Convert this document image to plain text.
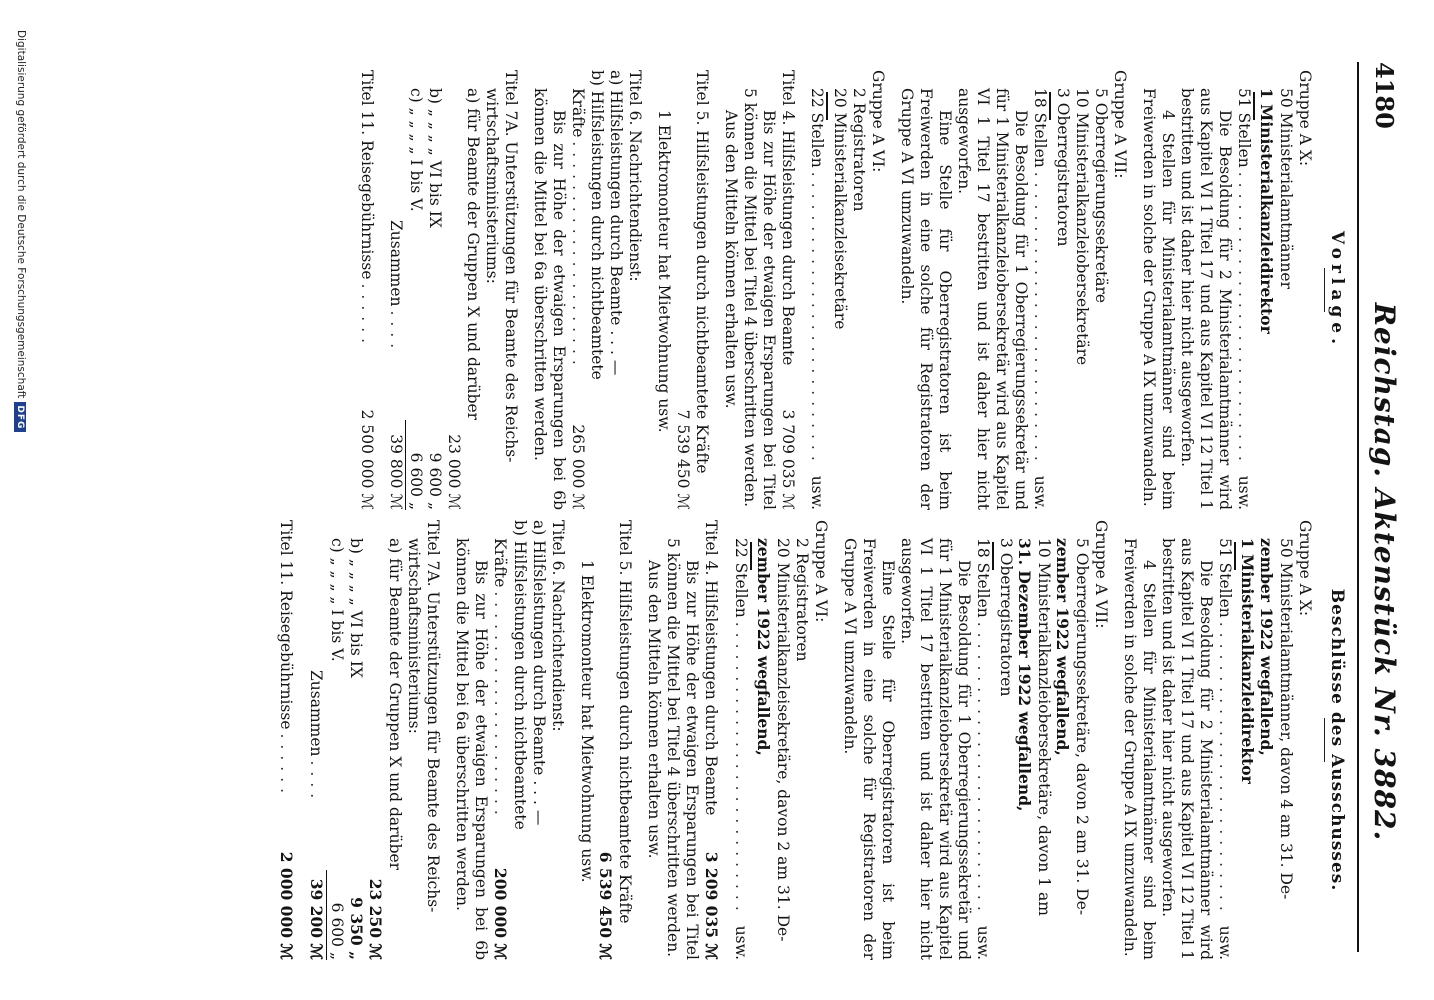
4180
Reichstag. Aktenstück Nr. 3882.
Vorlage.

Gruppe A X:

50 Ministerialamtmänner

1 Ministerialkanzleidirektor

51 Stellen
...........................
usw.

Die Besoldung für 2 Ministerialamtmänner wird aus Kapitel VI 1 Titel 17 und aus Kapitel VI 12 Titel 1 bestritten und ist daher hier nicht ausgeworfen.

4 Stellen für Ministerialamtmänner sind beim Freiwerden in solche der Gruppe A IX umzuwandeln.

Gruppe A VII:

5 Oberregierungssekretäre

10 Ministerialkanzleiobersekretäre

3 Oberregistratoren

18 Stellen
...........................
usw.

Die Besoldung für 1 Oberregierungssekretär und für 1 Ministerialkanzleiobersekretär wird aus Kapitel VI 1 Titel 17 bestritten und ist daher hier nicht ausgeworfen.

Eine Stelle für Oberregistratoren ist beim Freiwerden in eine solche für Registratoren der Gruppe A VI umzuwandeln.

Gruppe A VI:

2 Registratoren

20 Ministerialkanzleisekretäre

22 Stellen
...........................
usw.
Titel 4. Hilfsleistungen durch Beamte
3 709 035 ℳ

Bis zur Höhe der etwaigen Ersparungen bei Titel 5 können die Mittel bei Titel 4 überschritten werden.

Aus den Mitteln können erhalten usw.

Titel 5. Hilfsleistungen durch nichtbeamtete Kräfte

7 539 450 ℳ

1 Elektromonteur hat Mietwohnung usw.

Titel 6. Nachrichtendienst:

a) Hilfsleistungen durch Beamte . . . —

b) Hilfsleistungen durch nichtbeamtete

Kräfte
.....................
265 000 ℳ

Bis zur Höhe der etwaigen Ersparungen bei 6b können die Mittel bei 6a überschritten werden.

Titel 7A. Unterstützungen für Beamte des Reichs-

wirtschaftsministeriums:

a) für Beamte der Gruppen X und darüber

23 000 ℳ

b) „ „ „ „ VI bis IX
9 600 „
c) „ „ „ „ I bis V.
6 600 „
Zusammen
....
39 800 ℳ
Titel 11. Reisegebührnisse
......
2 500 000 ℳ
Beschlüsse des Ausschusses.

Gruppe A X:

50 Ministerialamtmänner, davon 4 am 31. De-

zember 1922 wegfallend,

1 Ministerialkanzleidirektor

51 Stellen
...........................
usw.

Die Besoldung für 2 Ministerialamtmänner wird aus Kapitel VI 1 Titel 17 und aus Kapitel VI 12 Titel 1 bestritten und ist daher hier nicht ausgeworfen.

4 Stellen für Ministerialamtmänner sind beim Freiwerden in solche der Gruppe A IX umzuwandeln.

Gruppe A VII:

5 Oberregierungssekretäre, davon 2 am 31. De-

zember 1922 wegfallend,

10 Ministerialkanzleiobersekretäre, davon 1 am

31. Dezember 1922 wegfallend,

3 Oberregistratoren

18 Stellen
...........................
usw.

Die Besoldung für 1 Oberregierungssekretär und für 1 Ministerialkanzleiobersekretär wird aus Kapitel VI 1 Titel 17 bestritten und ist daher hier nicht ausgeworfen.

Eine Stelle für Oberregistratoren ist beim Freiwerden in eine solche für Registratoren der Gruppe A VI umzuwandeln.

Gruppe A VI:

2 Registratoren

20 Ministerialkanzleisekretäre, davon 2 am 31. De-

zember 1922 wegfallend,

22 Stellen
...........................
usw.
Titel 4. Hilfsleistungen durch Beamte
3 209 035 ℳ

Bis zur Höhe der etwaigen Ersparungen bei Titel 5 können die Mittel bei Titel 4 überschritten werden.

Aus den Mitteln können erhalten usw.

Titel 5. Hilfsleistungen durch nichtbeamtete Kräfte

6 539 450 ℳ

1 Elektromonteur hat Mietwohnung usw.

Titel 6. Nachrichtendienst:

a) Hilfsleistungen durch Beamte . . . —

b) Hilfsleistungen durch nichtbeamtete

Kräfte
.....................
200 000 ℳ

Bis zur Höhe der etwaigen Ersparungen bei 6b können die Mittel bei 6a überschritten werden.

Titel 7A. Unterstützungen für Beamte des Reichs-

wirtschaftsministeriums:

a) für Beamte der Gruppen X und darüber

23 250 ℳ

b) „ „ „ „ VI bis IX
9 350 „
c) „ „ „ „ I bis V.
6 600 „
Zusammen
....
39 200 ℳ
Titel 11. Reisegebührnisse
......
2 000 000 ℳ
Digitalisierung gefördert durch die Deutsche ForschungsgemeinschaftDFG
